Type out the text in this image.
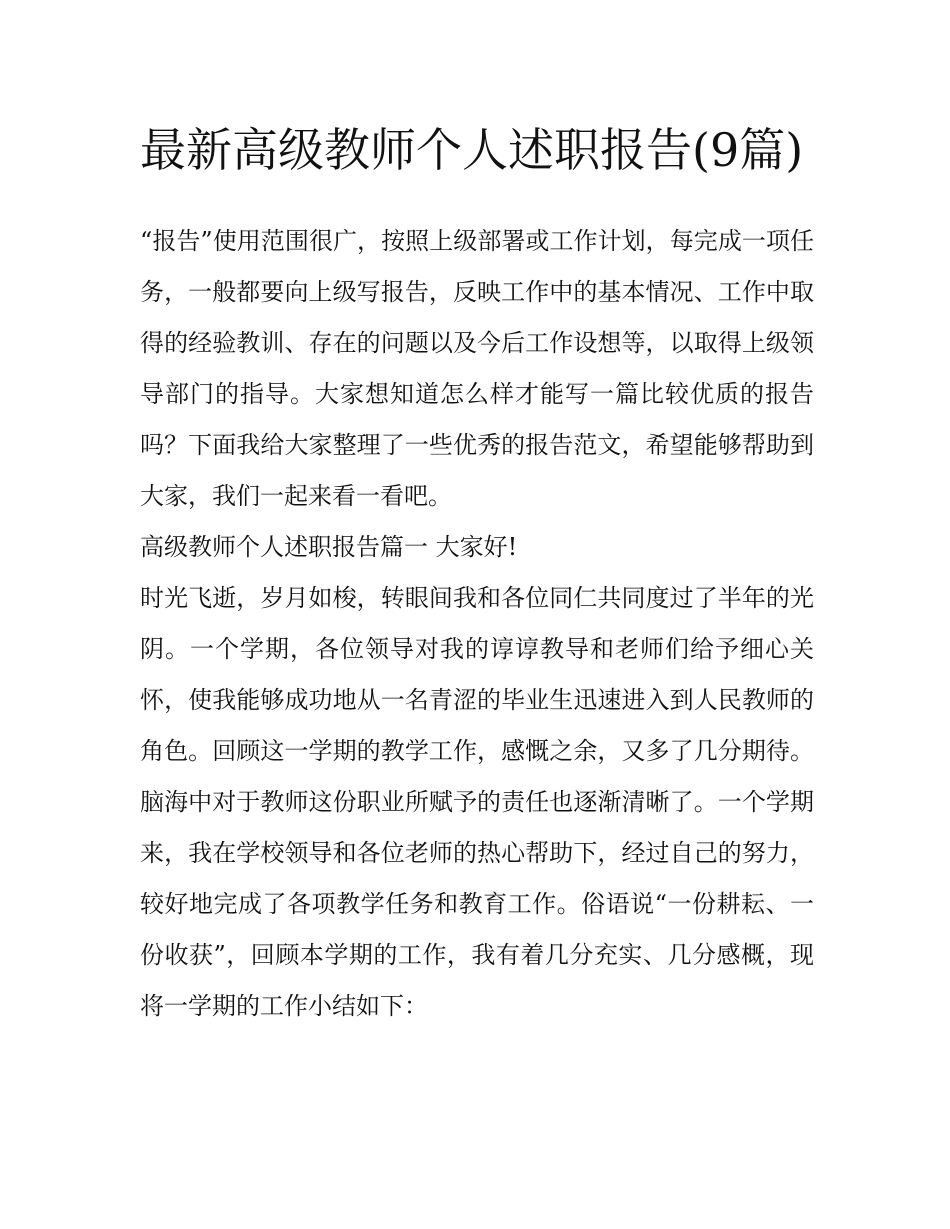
最新高级教师个人述职报告(9篇)

“报告”使用范围很广，按照上级部署或工作计划，每完成一项任务，一般都要向上级写报告，反映工作中的基本情况、工作中取得的经验教训、存在的问题以及今后工作设想等，以取得上级领导部门的指导。大家想知道怎么样才能写一篇比较优质的报告吗？下面我给大家整理了一些优秀的报告范文，希望能够帮助到大家，我们一起来看一看吧。

高级教师个人述职报告篇一 大家好!

时光飞逝，岁月如梭，转眼间我和各位同仁共同度过了半年的光阴。一个学期，各位领导对我的谆谆教导和老师们给予细心关怀，使我能够成功地从一名青涩的毕业生迅速进入到人民教师的角色。回顾这一学期的教学工作，感慨之余，又多了几分期待。脑海中对于教师这份职业所赋予的责任也逐渐清晰了。一个学期来，我在学校领导和各位老师的热心帮助下，经过自己的努力，较好地完成了各项教学任务和教育工作。俗语说“一份耕耘、一份收获”，回顾本学期的工作，我有着几分充实、几分感概，现将一学期的工作小结如下：
